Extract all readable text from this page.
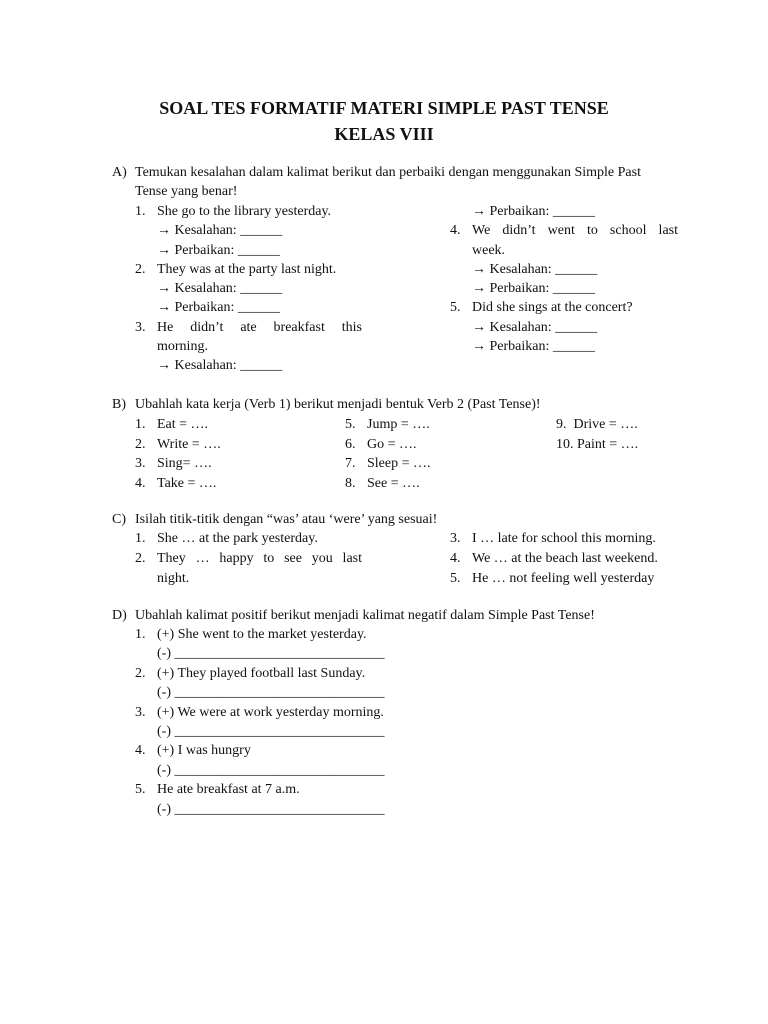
SOAL TES FORMATIF MATERI SIMPLE PAST TENSE
KELAS VIII
A) Temukan kesalahan dalam kalimat berikut dan perbaiki dengan menggunakan Simple Past
Tense yang benar!
1. She go to the library yesterday.
→ Kesalahan: ______
→ Perbaikan: ______
2. They was at the party last night.
→ Kesalahan: ______
→ Perbaikan: ______
3. He didn’t ate breakfast this
morning.
→ Kesalahan: ______
→ Perbaikan: ______
4. We didn’t went to school last
week.
→ Kesalahan: ______
→ Perbaikan: ______
5. Did she sings at the concert?
→ Kesalahan: ______
→ Perbaikan: ______
B) Ubahlah kata kerja (Verb 1) berikut menjadi bentuk Verb 2 (Past Tense)!
1. Eat = ….
2. Write = ….
3. Sing= ….
4. Take = ….
5. Jump = ….
6. Go = ….
7. Sleep = ….
8. See = ….
9. Drive = ….
10. Paint = ….
C) Isilah titik-titik dengan “was’ atau ‘were’ yang sesuai!
1. She … at the park yesterday.
2. They … happy to see you last
night.
3. I … late for school this morning.
4. We … at the beach last weekend.
5. He … not feeling well yesterday
D) Ubahlah kalimat positif berikut menjadi kalimat negatif dalam Simple Past Tense!
1. (+) She went to the market yesterday.
(-) ______________________________
2. (+) They played football last Sunday.
(-) ______________________________
3. (+) We were at work yesterday morning.
(-) ______________________________
4. (+) I was hungry
(-) ______________________________
5. He ate breakfast at 7 a.m.
(-) ______________________________
